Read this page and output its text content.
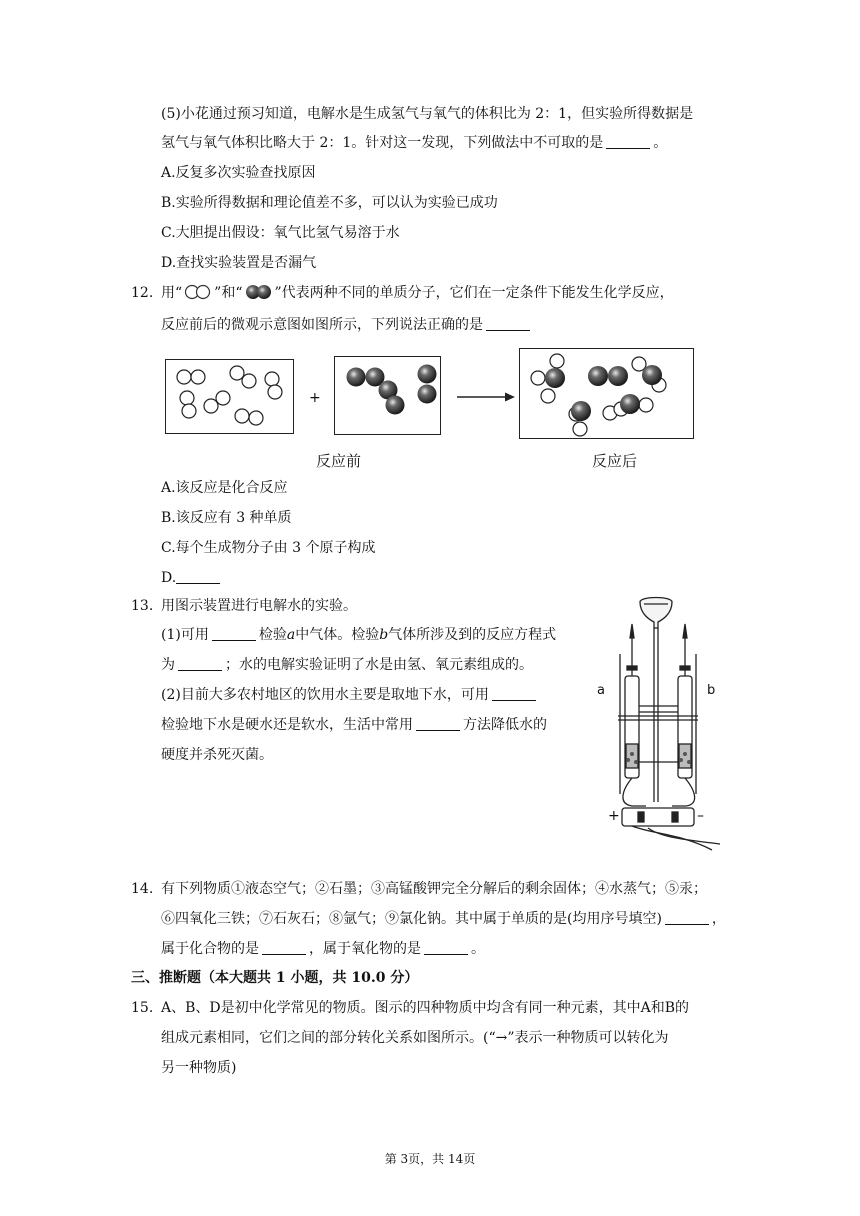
(5)小花通过预习知道，电解水是生成氢气与氧气的体积比为 2：1，但实验所得数据是
氢气与氧气体积比略大于 2：1。针对这一发现，下列做法中不可取的是	。
A.反复多次实验查找原因
B.实验所得数据和理论值差不多，可以认为实验已成功
C.大胆提出假设：氧气比氢气易溶于水
D.查找实验装置是否漏气
12. 用“ ”和“ ”代表两种不同的单质分子，它们在一定条件下能发生化学反应，
反应前后的微观示意图如图所示，下列说法正确的是
+
反应前	反应后
A.该反应是化合反应
B.该反应有 3 种单质
C.每个生成物分子由 3 个原子构成
D.
13. 用图示装置进行电解水的实验。
(1)可用	检验a中气体。检验b气体所涉及到的反应方程式
为	；水的电解实验证明了水是由氢、氧元素组成的。
(2)目前大多农村地区的饮用水主要是取地下水，可用
检验地下水是硬水还是软水，生活中常用	方法降低水的
硬度并杀死灭菌。
a	b
+	–
14. 有下列物质①液态空气；②石墨；③高锰酸钾完全分解后的剩余固体；④水蒸气；⑤汞；
⑥四氧化三铁；⑦石灰石；⑧氩气；⑨氯化钠。其中属于单质的是(均用序号填空)	，
属于化合物的是	，属于氧化物的是	。
三、推断题（本大题共 1 小题，共 10.0 分）
15. A、B、D是初中化学常见的物质。图示的四种物质中均含有同一种元素，其中A和B的
组成元素相同，它们之间的部分转化关系如图所示。(“→”表示一种物质可以转化为
另一种物质)
第 3页，共 14页
